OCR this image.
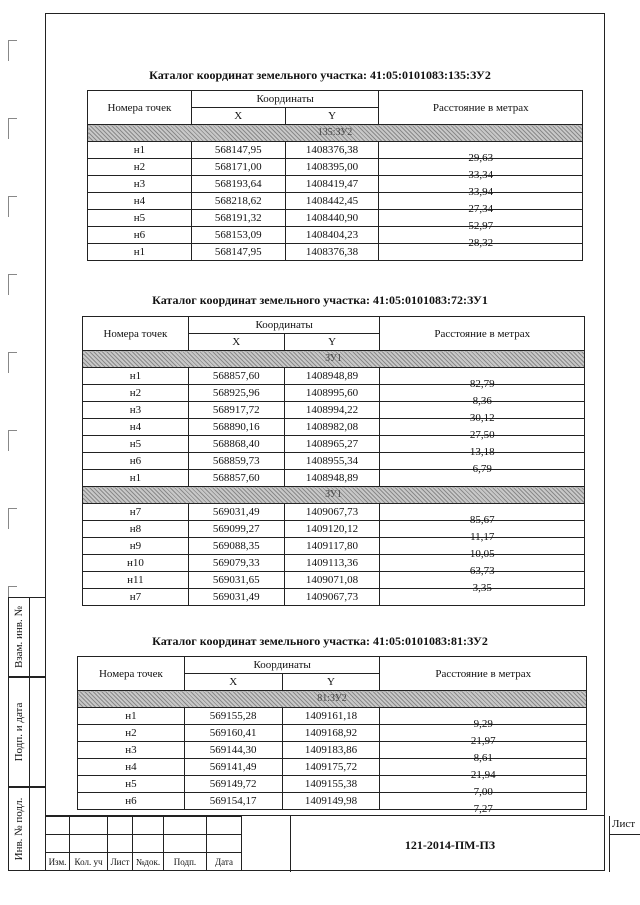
Взам. инв. №
Подп. и дата
Инв. № подл.
Каталог координат земельного участка: 41:05:0101083:135:ЗУ2
Номера точек	Координаты		Расстояние в метрах
	X	Y	
135:ЗУ2			
н1	568147,95	1408376,38	29,63
н2	568171,00	1408395,00	33,34
н3	568193,64	1408419,47	33,94
н4	568218,62	1408442,45	27,34
н5	568191,32	1408440,90	52,97
н6	568153,09	1408404,23	28,32
н1	568147,95	1408376,38	
Каталог координат земельного участка: 41:05:0101083:72:ЗУ1
Номера точек	Координаты		Расстояние в метрах
	X	Y	
ЗУ1			
н1	568857,60	1408948,89	82,79
н2	568925,96	1408995,60	8,36
н3	568917,72	1408994,22	30,12
н4	568890,16	1408982,08	27,50
н5	568868,40	1408965,27	13,18
н6	568859,73	1408955,34	6,79
н1	568857,60	1408948,89	
ЗУ1			
н7	569031,49	1409067,73	85,67
н8	569099,27	1409120,12	11,17
н9	569088,35	1409117,80	10,05
н10	569079,33	1409113,36	63,73
н11	569031,65	1409071,08	3,35
н7	569031,49	1409067,73	
Каталог координат земельного участка: 41:05:0101083:81:ЗУ2
Номера точек	Координаты		Расстояние в метрах
	X	Y	
81:ЗУ2			
н1	569155,28	1409161,18	9,29
н2	569160,41	1409168,92	21,97
н3	569144,30	1409183,86	8,61
н4	569141,49	1409175,72	21,94
н5	569149,72	1409155,38	7,00
н6	569154,17	1409149,98	7,27

Изм.	Кол. уч	Лист	№док.	Подп.	Дата
121-2014-ПМ-ПЗ
Лист
